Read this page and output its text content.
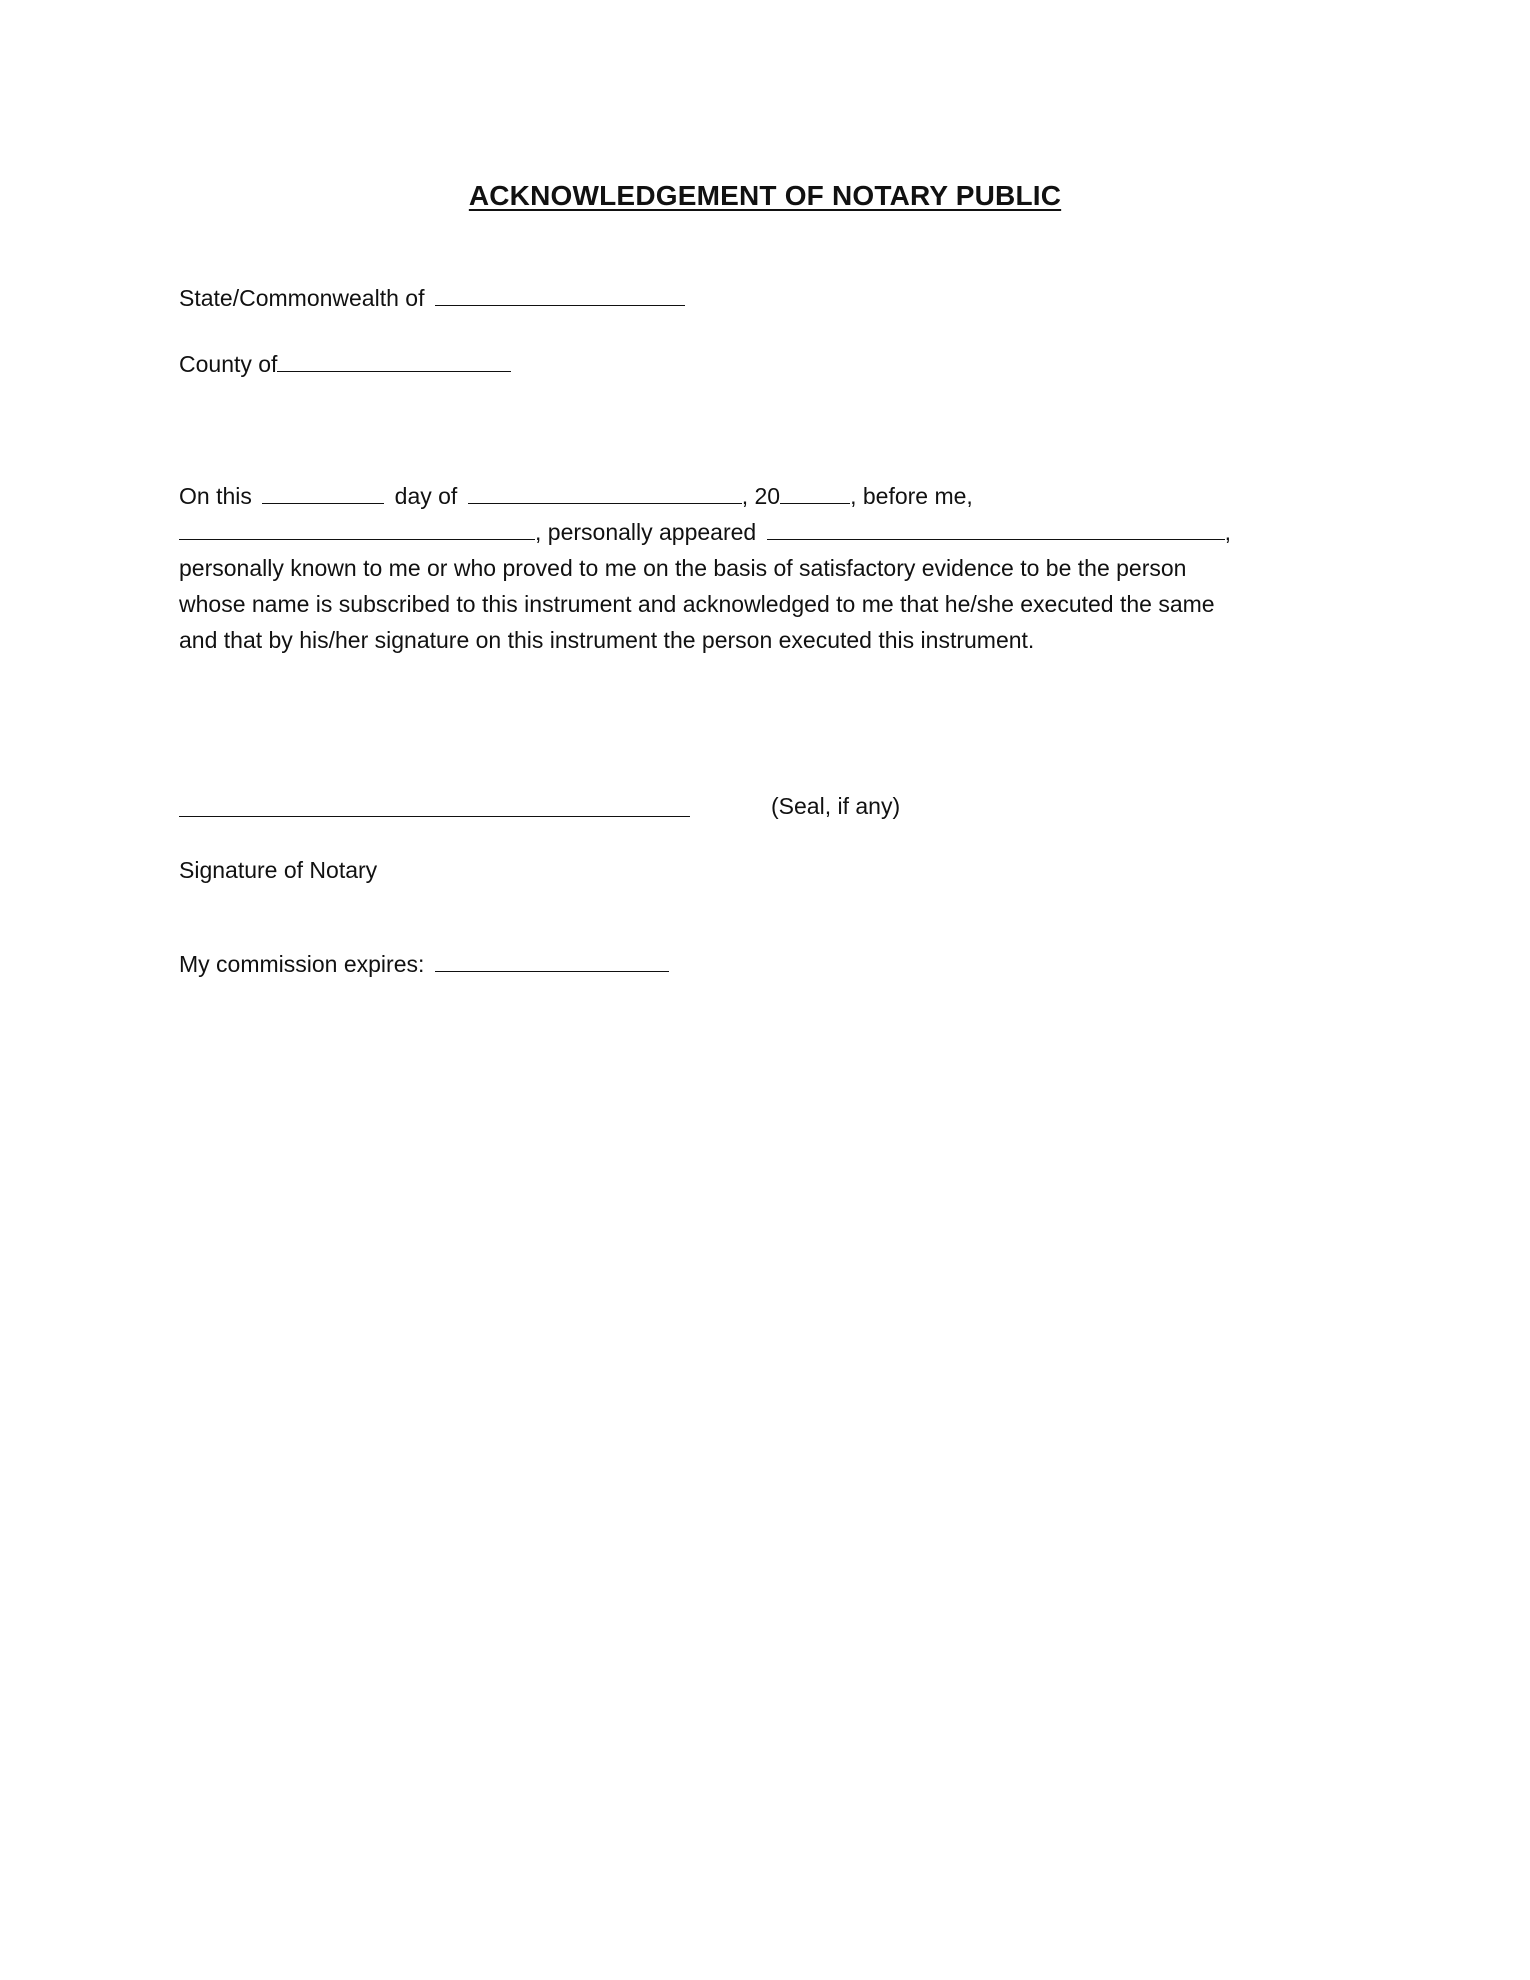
ACKNOWLEDGEMENT OF NOTARY PUBLIC
State/Commonwealth of
County of
On this	day of	, 20	, before me,
, personally appeared	,
personally known to me or who proved to me on the basis of satisfactory evidence to be the person
whose name is subscribed to this instrument and acknowledged to me that he/she executed the same
and that by his/her signature on this instrument the person executed this instrument.
(Seal, if any)
Signature of Notary
My commission expires:
